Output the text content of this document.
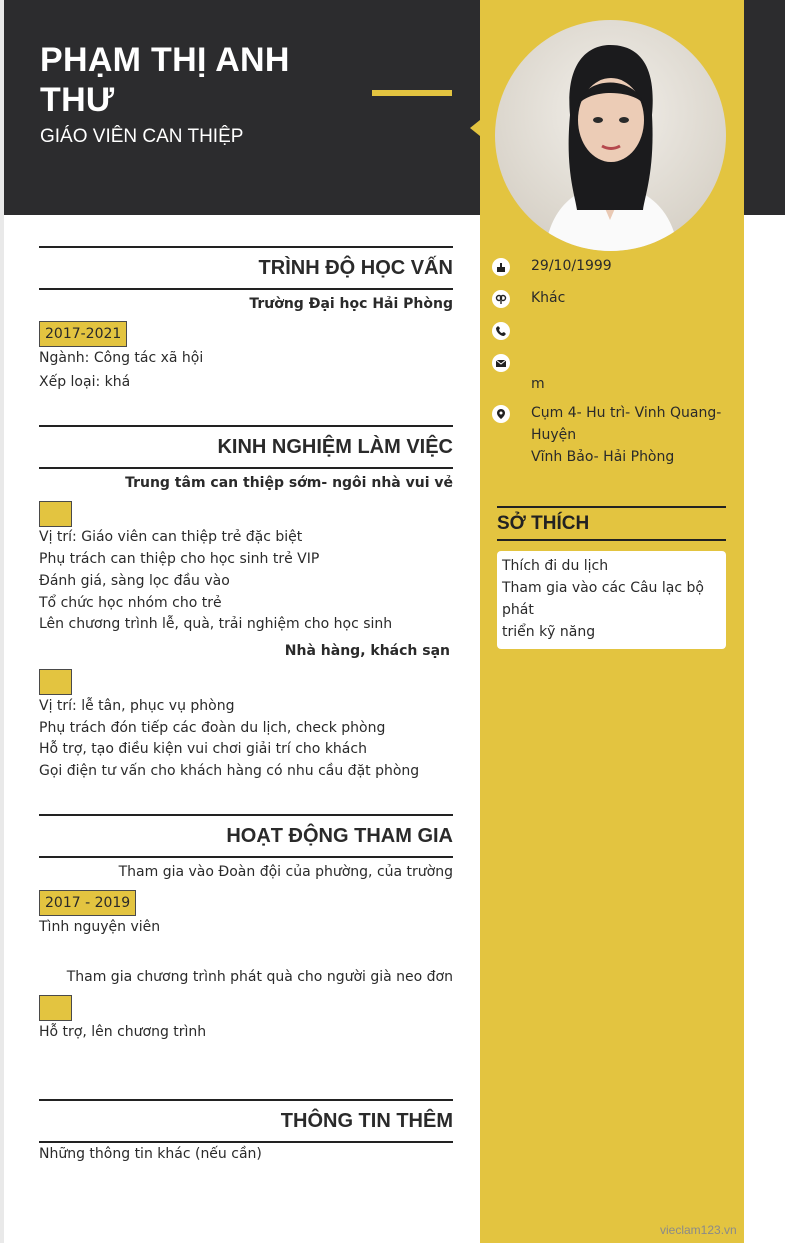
PHẠM THỊ ANH
THƯ
GIÁO VIÊN CAN THIỆP
29/10/1999
Khác
m
Cụm 4- Hu trì- Vinh Quang- Huyện
Vĩnh Bảo- Hải Phòng
SỞ THÍCH
Thích đi du lịch
Tham gia vào các Câu lạc bộ phát
triển kỹ năng
TRÌNH ĐỘ HỌC VẤN
Trường Đại học Hải Phòng
2017-2021
Ngành: Công tác xã hội
Xếp loại: khá
KINH NGHIỆM LÀM VIỆC
Trung tâm can thiệp sớm- ngôi nhà vui vẻ
Vị trí: Giáo viên can thiệp trẻ đặc biệt
Phụ trách can thiệp cho học sinh trẻ VIP
Đánh giá, sàng lọc đầu vào
Tổ chức học nhóm cho trẻ
Lên chương trình lễ, quà, trải nghiệm cho học sinh
Nhà hàng, khách sạn
Vị trí: lễ tân, phục vụ phòng
Phụ trách đón tiếp các đoàn du lịch, check phòng
Hỗ trợ, tạo điều kiện vui chơi giải trí cho khách
Gọi điện tư vấn cho khách hàng có nhu cầu đặt phòng
HOẠT ĐỘNG THAM GIA
Tham gia vào Đoàn đội của phường, của trường
2017 - 2019
Tình nguyện viên
Tham gia chương trình phát quà cho người già neo đơn
Hỗ trợ, lên chương trình
THÔNG TIN THÊM
Những thông tin khác (nếu cần)
vieclam123.vn
